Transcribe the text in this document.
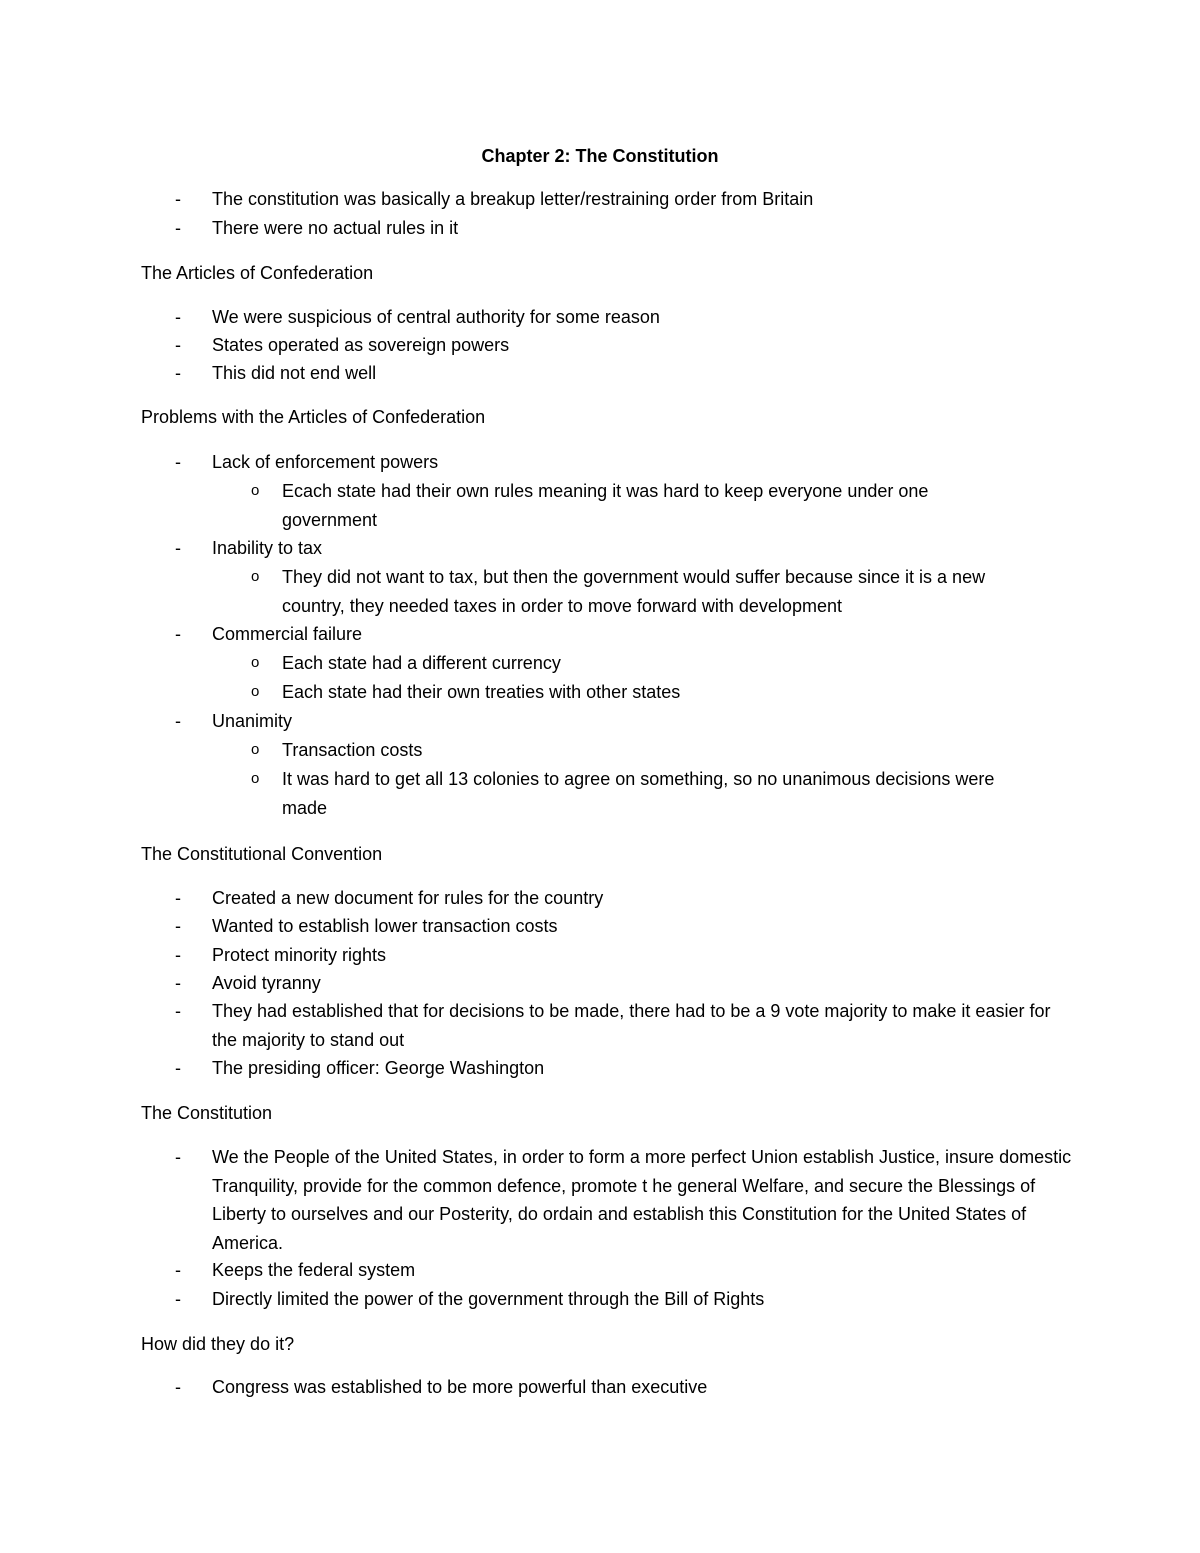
Chapter 2: The Constitution
- The constitution was basically a breakup letter/restraining order from Britain
- There were no actual rules in it
The Articles of Confederation
- We were suspicious of central authority for some reason
- States operated as sovereign powers
- This did not end well
Problems with the Articles of Confederation
- Lack of enforcement powers
o Ecach state had their own rules meaning it was hard to keep everyone under one government
- Inability to tax
o They did not want to tax, but then the government would suffer because since it is a new country, they needed taxes in order to move forward with development
- Commercial failure
o Each state had a different currency
o Each state had their own treaties with other states
- Unanimity
o Transaction costs
o It was hard to get all 13 colonies to agree on something, so no unanimous decisions were made
The Constitutional Convention
- Created a new document for rules for the country
- Wanted to establish lower transaction costs
- Protect minority rights
- Avoid tyranny
- They had established that for decisions to be made, there had to be a 9 vote majority to make it easier for the majority to stand out
- The presiding officer: George Washington
The Constitution
- We the People of the United States, in order to form a more perfect Union establish Justice, insure domestic Tranquility, provide for the common defence, promote t he general Welfare, and secure the Blessings of Liberty to ourselves and our Posterity, do ordain and establish this Constitution for the United States of America.
- Keeps the federal system
- Directly limited the power of the government through the Bill of Rights
How did they do it?
- Congress was established to be more powerful than executive
